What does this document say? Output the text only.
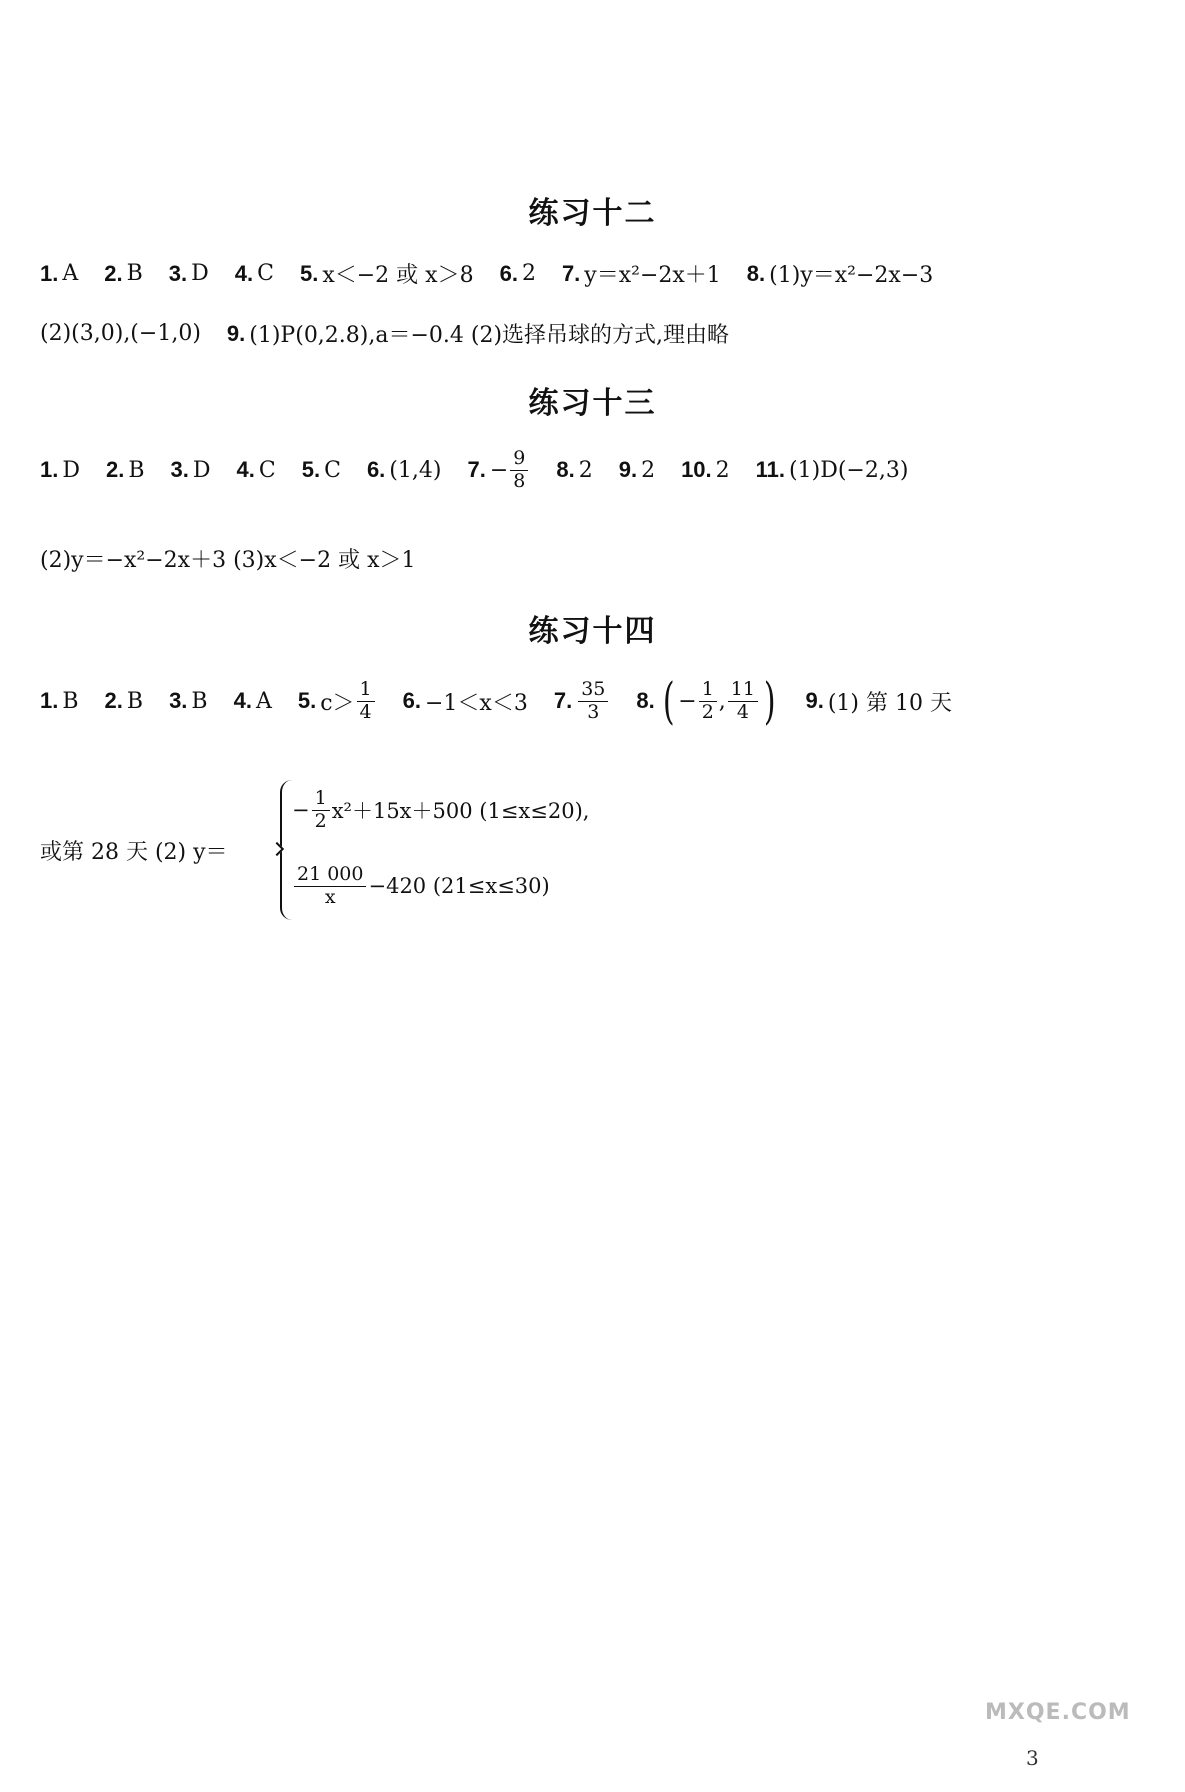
练习十二
1. A 2. B 3. D 4. C 5. x＜−2 或 x＞8 6. 2 7. y＝x²−2x＋1 8. (1)y＝x²−2x−3
(2)(3,0),(−1,0) 9. (1)P(0,2.8),a＝−0.4 (2)选择吊球的方式,理由略
练习十三
1. D 2. B 3. D 4. C 5. C 6. (1,4) 7. − $\frac{9}{8} 8$. 2 9. 2 10. 2 11. (1)D(−2,3)
(2)y＝−x²−2x＋3 (3)x＜−2 或 x＞1
练习十四
1. B 2. B 3. B 4. A 5. $c> \frac{1}{4} 6$. −1＜x＜3 7. $\frac{35}{3} 8$. ( − $\frac{1}{2}$ , $\frac{11}{4}$ ) 9. (1) 第 10 天
或第 28 天 (2) y＝
− $\frac{1}{2} x^2+15x+500$ (1≤x≤20),
$\frac{21 000}{x} -420$ (21≤x≤30)
MXQE.COM
3
